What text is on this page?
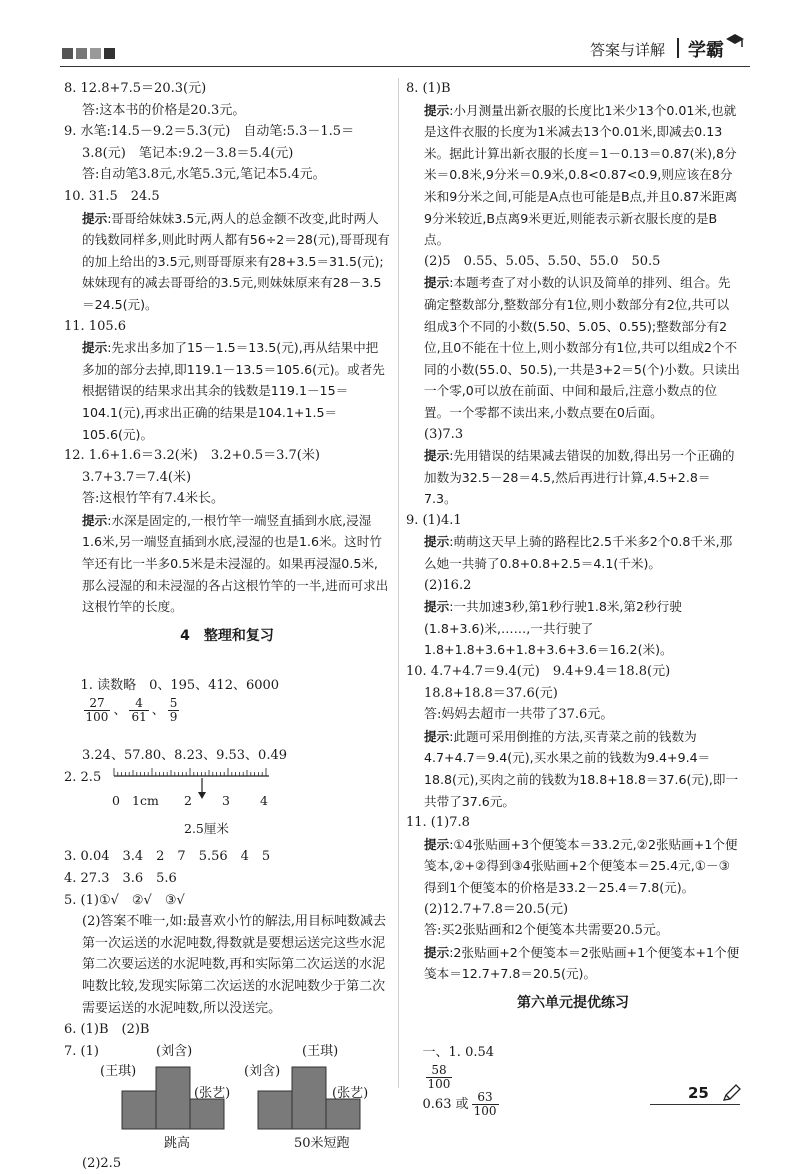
答案与详解 学霸
8. 12.8+7.5＝20.3(元)
答:这本书的价格是20.3元。
9. 水笔:14.5－9.2＝5.3(元)　自动笔:5.3－1.5＝
3.8(元)　笔记本:9.2－3.8＝5.4(元)
答:自动笔3.8元,水笔5.3元,笔记本5.4元。
10. 31.5　24.5
提示:哥哥给妹妹3.5元,两人的总金额不改变,此时两人的钱数同样多,则此时两人都有56÷2＝28(元),哥哥现有的加上给出的3.5元,则哥哥原来有28+3.5＝31.5(元);妹妹现有的减去哥哥给的3.5元,则妹妹原来有28－3.5＝24.5(元)。
11. 105.6
提示:先求出多加了15－1.5＝13.5(元),再从结果中把多加的部分去掉,即119.1－13.5＝105.6(元)。或者先根据错误的结果求出其余的钱数是119.1－15＝104.1(元),再求出正确的结果是104.1+1.5＝105.6(元)。
12. 1.6+1.6＝3.2(米)　3.2+0.5＝3.7(米)
3.7+3.7＝7.4(米)
答:这根竹竿有7.4米长。
提示:水深是固定的,一根竹竿一端竖直插到水底,浸湿1.6米,另一端竖直插到水底,浸湿的也是1.6米。这时竹竿还有比一半多0.5米是未浸湿的。如果再浸湿0.5米,那么浸湿的和未浸湿的各占这根竹竿的一半,进而可求出这根竹竿的长度。
4  整理和复习

1. 读数略　0、195、412、6000

$\frac{27}{100}$ 、 $\frac{4}{61}$ 、 $\frac{5}{9}$

3.24、57.80、8.23、9.53、0.49
2. 2.5
0 1cm 2 3 4
2.5厘米
3. 0.04　3.4　2　7　5.56　4　5
4. 27.3　3.6　5.6
5. (1)①√　②√　③√
(2)答案不唯一,如:最喜欢小竹的解法,用目标吨数减去第一次运送的水泥吨数,得数就是要想运送完这些水泥第二次要运送的水泥吨数,再和实际第二次运送的水泥吨数比较,发现实际第二次运送的水泥吨数少于第二次需要运送的水泥吨数,所以没送完。
6. (1)B　(2)B
7. (1)	(刘含)
(王琪)
(张艺)
跳高
(王琪)
(刘含)
(张艺)
50米短跑
(2)2.5
8. (1)B
提示:小月测量出新衣服的长度比1米少13个0.01米,也就是这件衣服的长度为1米减去13个0.01米,即减去0.13米。据此计算出新衣服的长度＝1－0.13＝0.87(米),8分米＝0.8米,9分米＝0.9米,0.8<0.87<0.9,则应该在8分米和9分米之间,可能是A点也可能是B点,并且0.87米距离9分米较近,B点离9米更近,则能表示新衣服长度的是B点。
(2)5　0.55、5.05、5.50、55.0　50.5
提示:本题考查了对小数的认识及简单的排列、组合。先确定整数部分,整数部分有1位,则小数部分有2位,共可以组成3个不同的小数(5.50、5.05、0.55);整数部分有2位,且0不能在十位上,则小数部分有1位,共可以组成2个不同的小数(55.0、50.5),一共是3+2＝5(个)小数。只读出一个零,0可以放在前面、中间和最后,注意小数点的位置。一个零都不读出来,小数点要在0后面。
(3)7.3
提示:先用错误的结果减去错误的加数,得出另一个正确的加数为32.5－28＝4.5,然后再进行计算,4.5+2.8＝7.3。
9. (1)4.1
提示:萌萌这天早上骑的路程比2.5千米多2个0.8千米,那么她一共骑了0.8+0.8+2.5＝4.1(千米)。
(2)16.2
提示:一共加速3秒,第1秒行驶1.8米,第2秒行驶(1.8+3.6)米,……,一共行驶了1.8+1.8+3.6+1.8+3.6+3.6＝16.2(米)。
10. 4.7+4.7＝9.4(元)　9.4+9.4＝18.8(元)
18.8+18.8＝37.6(元)
答:妈妈去超市一共带了37.6元。
提示:此题可采用倒推的方法,买青菜之前的钱数为4.7+4.7＝9.4(元),买水果之前的钱数为9.4+9.4＝18.8(元),买肉之前的钱数为18.8+18.8＝37.6(元),即一共带了37.6元。
11. (1)7.8
提示:①4张贴画+3个便笺本＝33.2元,②2张贴画+1个便笺本,②+②得到③4张贴画+2个便笺本＝25.4元,①－③得到1个便笺本的价格是33.2－25.4＝7.8(元)。
(2)12.7+7.8＝20.5(元)
答:买2张贴画和2个便笺本共需要20.5元。
提示:2张贴画+2个便笺本＝2张贴画+1个便笺本+1个便笺本＝12.7+7.8＝20.5(元)。
第六单元提优练习

一、1. 0.54

$\frac{58}{100}$

0.63 或 $\frac{63}{100}$

	25
